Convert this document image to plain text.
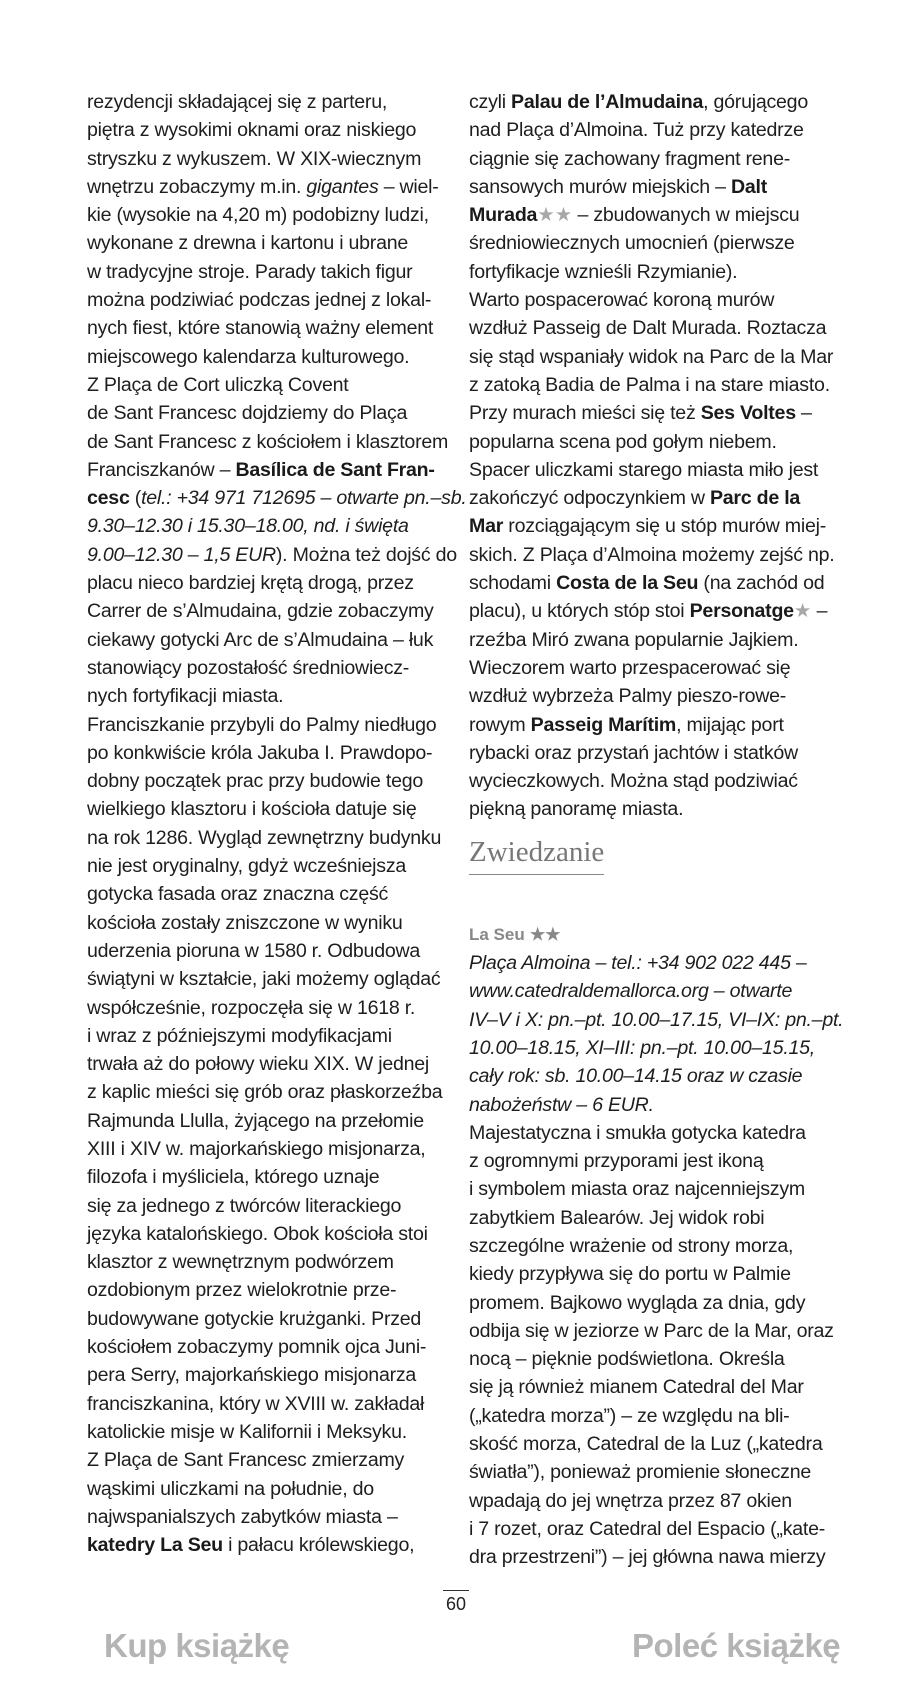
rezydencji składającej się z parteru,
piętra z wysokimi oknami oraz niskiego
stryszku z wykuszem. W XIX-wiecznym
wnętrzu zobaczymy m.in. gigantes – wiel-
kie (wysokie na 4,20 m) podobizny ludzi,
wykonane z drewna i kartonu i ubrane
w tradycyjne stroje. Parady takich figur
można podziwiać podczas jednej z lokal-
nych fiest, które stanowią ważny element
miejscowego kalendarza kulturowego.
Z Plaça de Cort uliczką Covent
de Sant Francesc dojdziemy do Plaça
de Sant Francesc z kościołem i klasztorem
Franciszkanów – Basílica de Sant Fran-
cesc (tel.: +34 971 712695 – otwarte pn.–sb.
9.30–12.30 i 15.30–18.00, nd. i święta
9.00–12.30 – 1,5 EUR). Można też dojść do
placu nieco bardziej krętą drogą, przez
Carrer de s’Almudaina, gdzie zobaczymy
ciekawy gotycki Arc de s’Almudaina – łuk
stanowiący pozostałość średniowiecz-
nych fortyfikacji miasta.
Franciszkanie przybyli do Palmy niedługo
po konkwiście króla Jakuba I. Prawdopo-
dobny początek prac przy budowie tego
wielkiego klasztoru i kościoła datuje się
na rok 1286. Wygląd zewnętrzny budynku
nie jest oryginalny, gdyż wcześniejsza
gotycka fasada oraz znaczna część
kościoła zostały zniszczone w wyniku
uderzenia pioruna w 1580 r. Odbudowa
świątyni w kształcie, jaki możemy oglądać
współcześnie, rozpoczęła się w 1618 r.
i wraz z późniejszymi modyfikacjami
trwała aż do połowy wieku XIX. W jednej
z kaplic mieści się grób oraz płaskorzeźba
Rajmunda Llulla, żyjącego na przełomie
XIII i XIV w. majorkańskiego misjonarza,
filozofa i myśliciela, którego uznaje
się za jednego z twórców literackiego
języka katalońskiego. Obok kościoła stoi
klasztor z wewnętrznym podwórzem
ozdobionym przez wielokrotnie prze-
budowywane gotyckie krużganki. Przed
kościołem zobaczymy pomnik ojca Juni-
pera Serry, majorkańskiego misjonarza
franciszkanina, który w XVIII w. zakładał
katolickie misje w Kalifornii i Meksyku.
Z Plaça de Sant Francesc zmierzamy
wąskimi uliczkami na południe, do
najwspanialszych zabytków miasta –
katedry La Seu i pałacu królewskiego,
czyli Palau de l’Almudaina, górującego
nad Plaça d’Almoina. Tuż przy katedrze
ciągnie się zachowany fragment rene-
sansowych murów miejskich – Dalt
Murada★★ – zbudowanych w miejscu
średniowiecznych umocnień (pierwsze
fortyfikacje wznieśli Rzymianie).
Warto pospacerować koroną murów
wzdłuż Passeig de Dalt Murada. Roztacza
się stąd wspaniały widok na Parc de la Mar
z zatoką Badia de Palma i na stare miasto.
Przy murach mieści się też Ses Voltes –
popularna scena pod gołym niebem.
Spacer uliczkami starego miasta miło jest
zakończyć odpoczynkiem w Parc de la
Mar rozciągającym się u stóp murów miej-
skich. Z Plaça d’Almoina możemy zejść np.
schodami Costa de la Seu (na zachód od
placu), u których stóp stoi Personatge★ –
rzeźba Miró zwana popularnie Jajkiem.
Wieczorem warto przespacerować się
wzdłuż wybrzeża Palmy pieszo-rowe-
rowym Passeig Marítim, mijając port
rybacki oraz przystań jachtów i statków
wycieczkowych. Można stąd podziwiać
piękną panoramę miasta.
Zwiedzanie
La Seu ★★
Plaça Almoina – tel.: +34 902 022 445 –
www.catedraldemallorca.org – otwarte
IV–V i X: pn.–pt. 10.00–17.15, VI–IX: pn.–pt.
10.00–18.15, XI–III: pn.–pt. 10.00–15.15,
cały rok: sb. 10.00–14.15 oraz w czasie
nabożeństw – 6 EUR.
Majestatyczna i smukła gotycka katedra
z ogromnymi przyporami jest ikoną
i symbolem miasta oraz najcenniejszym
zabytkiem Balearów. Jej widok robi
szczególne wrażenie od strony morza,
kiedy przypływa się do portu w Palmie
promem. Bajkowo wygląda za dnia, gdy
odbija się w jeziorze w Parc de la Mar, oraz
nocą – pięknie podświetlona. Określa
się ją również mianem Catedral del Mar
(„katedra morza”) – ze względu na bli-
skość morza, Catedral de la Luz („katedra
światła”), ponieważ promienie słoneczne
wpadają do jej wnętrza przez 87 okien
i 7 rozet, oraz Catedral del Espacio („kate-
dra przestrzeni”) – jej główna nawa mierzy
60
Kup książkę	Poleć książkę
